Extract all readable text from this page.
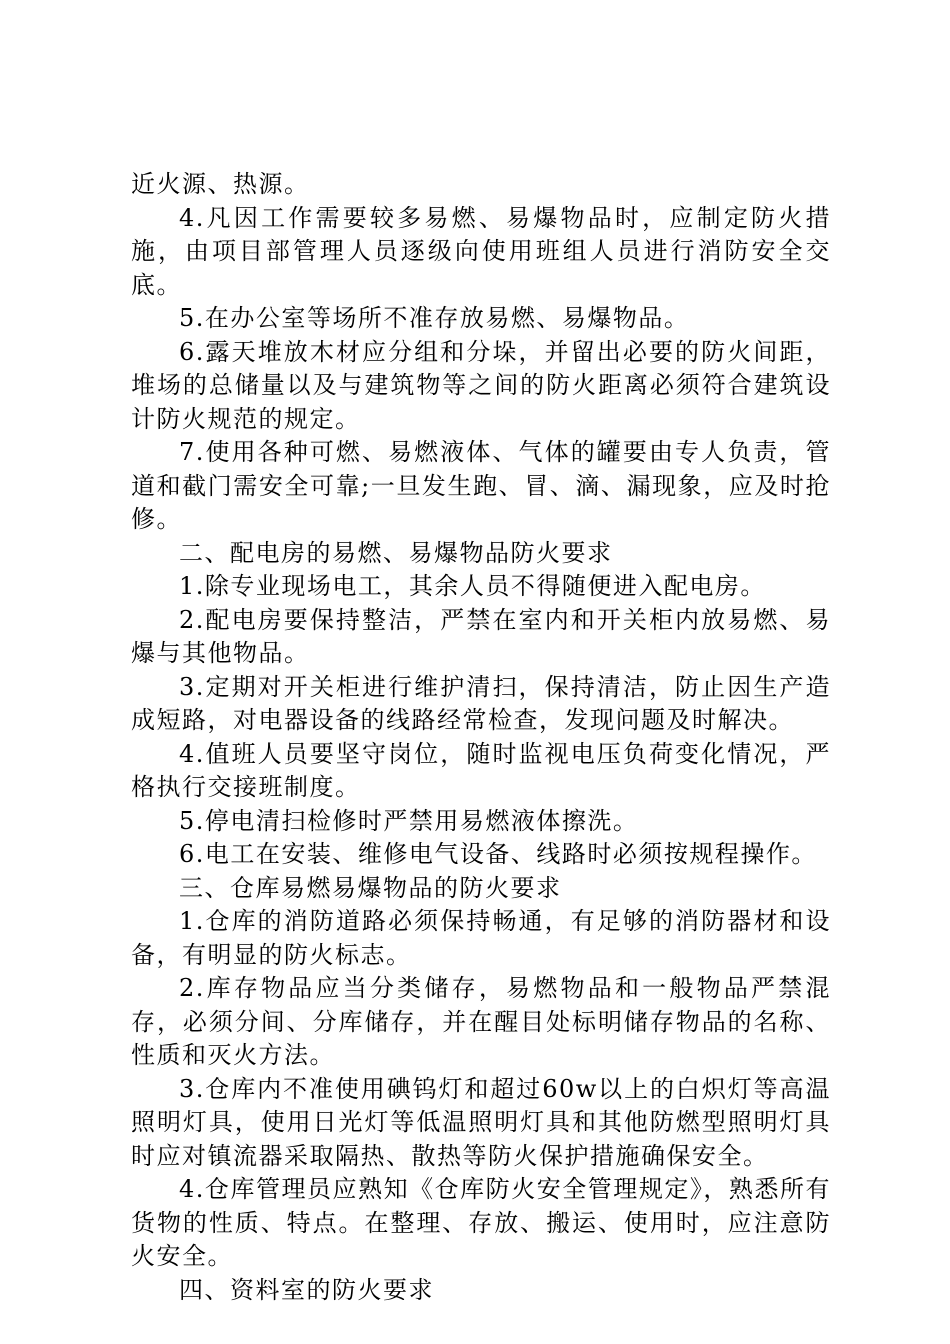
近火源、热源。

4.凡因工作需要较多易燃、易爆物品时，应制定防火措施，由项目部管理人员逐级向使用班组人员进行消防安全交底。

5.在办公室等场所不准存放易燃、易爆物品。

6.露天堆放木材应分组和分垛，并留出必要的防火间距，堆场的总储量以及与建筑物等之间的防火距离必须符合建筑设计防火规范的规定。

7.使用各种可燃、易燃液体、气体的罐要由专人负责，管道和截门需安全可靠;一旦发生跑、冒、滴、漏现象，应及时抢修。

二、配电房的易燃、易爆物品防火要求

1.除专业现场电工，其余人员不得随便进入配电房。

2.配电房要保持整洁，严禁在室内和开关柜内放易燃、易爆与其他物品。

3.定期对开关柜进行维护清扫，保持清洁，防止因生产造成短路，对电器设备的线路经常检查，发现问题及时解决。

4.值班人员要坚守岗位，随时监视电压负荷变化情况，严格执行交接班制度。

5.停电清扫检修时严禁用易燃液体擦洗。

6.电工在安装、维修电气设备、线路时必须按规程操作。

三、仓库易燃易爆物品的防火要求

1.仓库的消防道路必须保持畅通，有足够的消防器材和设备，有明显的防火标志。

2.库存物品应当分类储存，易燃物品和一般物品严禁混存，必须分间、分库储存，并在醒目处标明储存物品的名称、性质和灭火方法。

3.仓库内不准使用碘钨灯和超过60w以上的白炽灯等高温照明灯具，使用日光灯等低温照明灯具和其他防燃型照明灯具时应对镇流器采取隔热、散热等防火保护措施确保安全。

4.仓库管理员应熟知《仓库防火安全管理规定》，熟悉所有货物的性质、特点。在整理、存放、搬运、使用时，应注意防火安全。

四、资料室的防火要求
